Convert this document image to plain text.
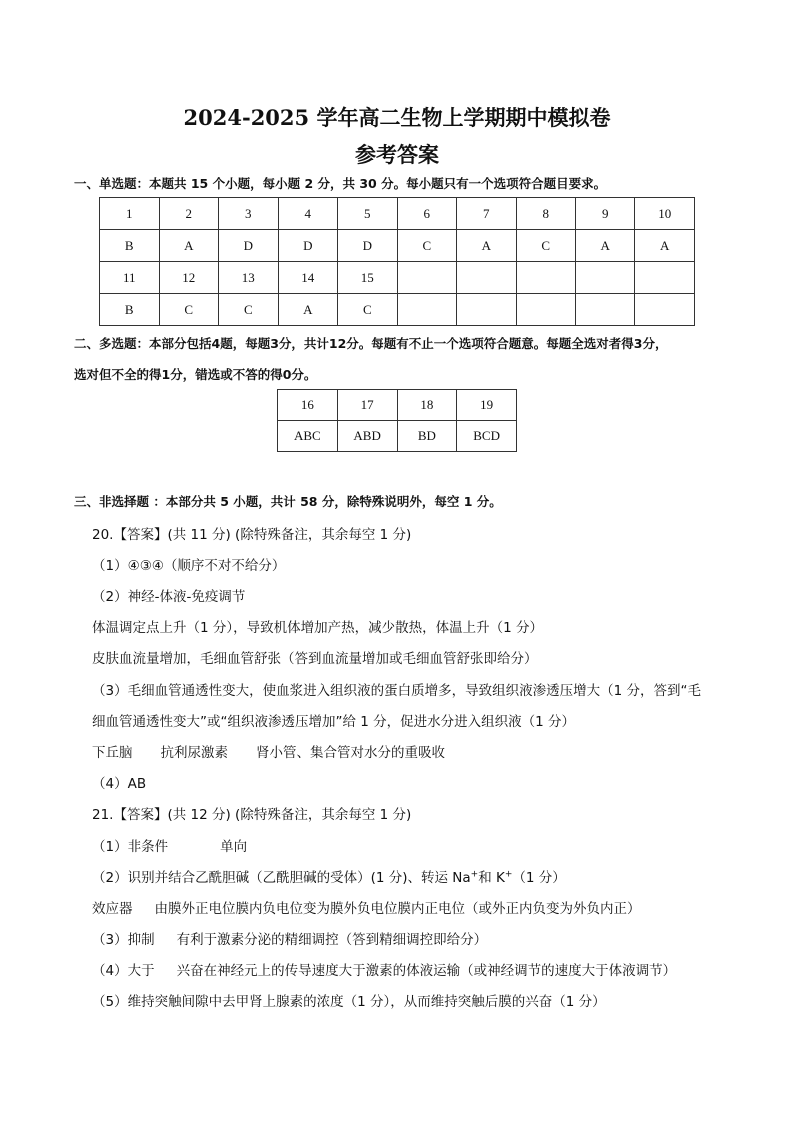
2024-2025 学年高二生物上学期期中模拟卷
参考答案
一、单选题：本题共 15 个小题，每小题 2 分，共 30 分。每小题只有一个选项符合题目要求。
1	2	3	4	5	6	7	8	9	10
B	A	D	D	D	C	A	C	A	A
11	12	13	14	15					
B	C	C	A	C					
二、多选题：本部分包括4题，每题3分，共计12分。每题有不止一个选项符合题意。每题全选对者得3分，
选对但不全的得1分，错选或不答的得0分。
16	17	18	19
ABC	ABD	BD	BCD
三、非选择题 ：本部分共 5 小题，共计 58 分，除特殊说明外，每空 1 分。
20.【答案】(共 11 分) (除特殊备注，其余每空 1 分)
（1）④③④（顺序不对不给分）
（2）神经-体液-免疫调节
体温调定点上升（1 分），导致机体增加产热，减少散热，体温上升（1 分）
皮肤血流量增加，毛细血管舒张（答到血流量增加或毛细血管舒张即给分）
（3）毛细血管通透性变大，使血浆进入组织液的蛋白质增多，导致组织液渗透压增大（1 分，答到“毛
细血管通透性变大”或“组织液渗透压增加”给 1 分，促进水分进入组织液（1 分）
下丘脑 抗利尿激素 肾小管、集合管对水分的重吸收
（4）AB
21.【答案】(共 12 分) (除特殊备注，其余每空 1 分)
（1）非条件	单向
（2）识别并结合乙酰胆碱（乙酰胆碱的受体）(1 分)、转运 Na+和 K+（1 分）
效应器 由膜外正电位膜内负电位变为膜外负电位膜内正电位（或外正内负变为外负内正）
（3）抑制 有利于激素分泌的精细调控（答到精细调控即给分）
（4）大于 兴奋在神经元上的传导速度大于激素的体液运输（或神经调节的速度大于体液调节）
（5）维持突触间隙中去甲肾上腺素的浓度（1 分），从而维持突触后膜的兴奋（1 分）
